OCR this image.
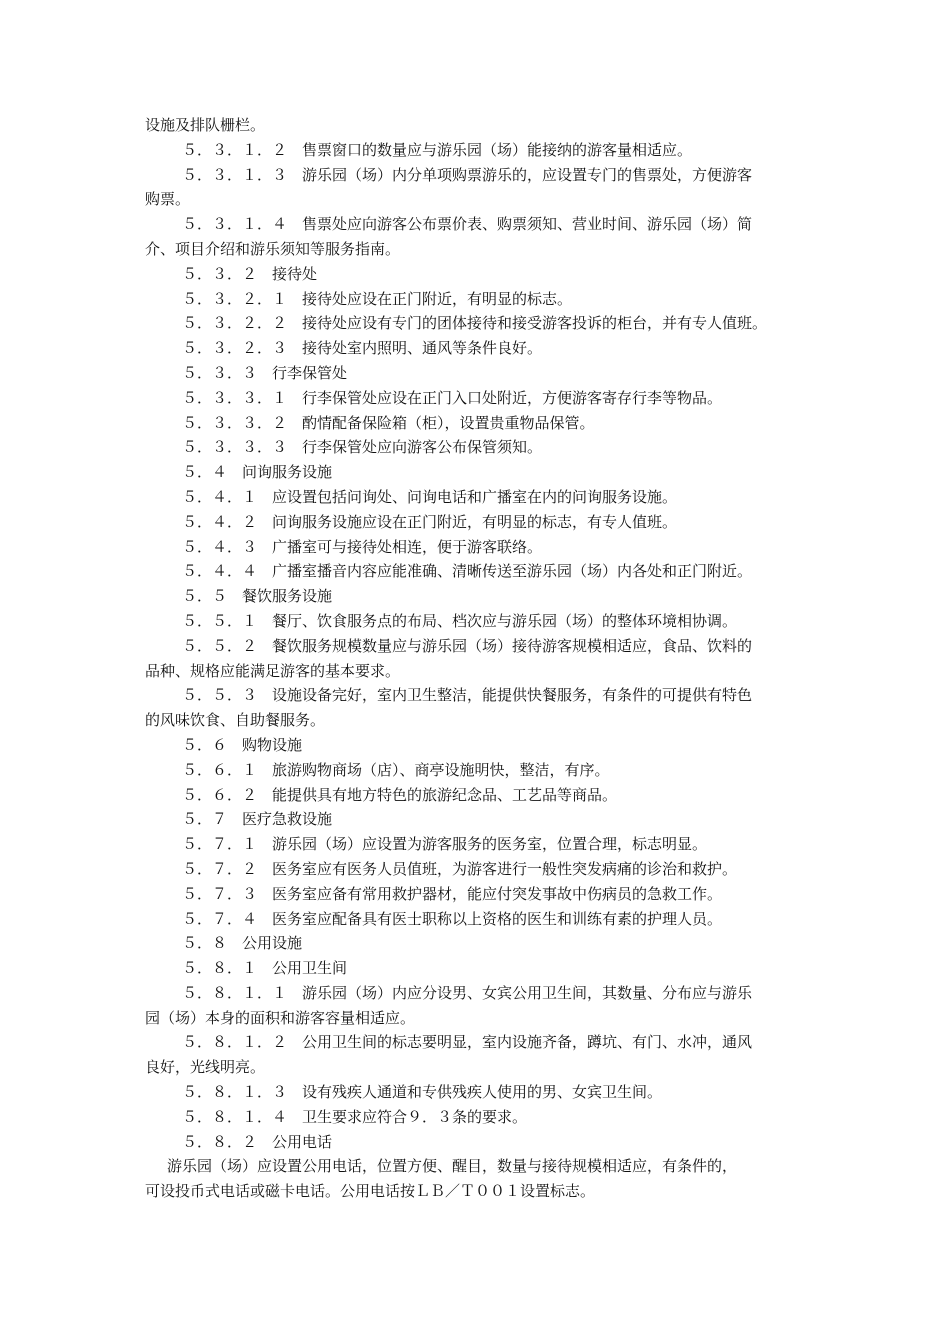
设施及排队栅栏。
５．３．１．２　售票窗口的数量应与游乐园（场）能接纳的游客量相适应。
５．３．１．３　游乐园（场）内分单项购票游乐的，应设置专门的售票处，方便游客
购票。
５．３．１．４　售票处应向游客公布票价表、购票须知、营业时间、游乐园（场）简
介、项目介绍和游乐须知等服务指南。
５．３．２　接待处
５．３．２．１　接待处应设在正门附近，有明显的标志。
５．３．２．２　接待处应设有专门的团体接待和接受游客投诉的柜台，并有专人值班。
５．３．２．３　接待处室内照明、通风等条件良好。
５．３．３　行李保管处
５．３．３．１　行李保管处应设在正门入口处附近，方便游客寄存行李等物品。
５．３．３．２　酌情配备保险箱（柜），设置贵重物品保管。
５．３．３．３　行李保管处应向游客公布保管须知。
５．４　问询服务设施
５．４．１　应设置包括问询处、问询电话和广播室在内的问询服务设施。
５．４．２　问询服务设施应设在正门附近，有明显的标志，有专人值班。
５．４．３　广播室可与接待处相连，便于游客联络。
５．４．４　广播室播音内容应能准确、清晰传送至游乐园（场）内各处和正门附近。
５．５　餐饮服务设施
５．５．１　餐厅、饮食服务点的布局、档次应与游乐园（场）的整体环境相协调。
５．５．２　餐饮服务规模数量应与游乐园（场）接待游客规模相适应，食品、饮料的
品种、规格应能满足游客的基本要求。
５．５．３　设施设备完好，室内卫生整洁，能提供快餐服务，有条件的可提供有特色
的风味饮食、自助餐服务。
５．６　购物设施
５．６．１　旅游购物商场（店）、商亭设施明快，整洁，有序。
５．６．２　能提供具有地方特色的旅游纪念品、工艺品等商品。
５．７　医疗急救设施
５．７．１　游乐园（场）应设置为游客服务的医务室，位置合理，标志明显。
５．７．２　医务室应有医务人员值班，为游客进行一般性突发病痛的诊治和救护。
５．７．３　医务室应备有常用救护器材，能应付突发事故中伤病员的急救工作。
５．７．４　医务室应配备具有医士职称以上资格的医生和训练有素的护理人员。
５．８　公用设施
５．８．１　公用卫生间
５．８．１．１　游乐园（场）内应分设男、女宾公用卫生间，其数量、分布应与游乐
园（场）本身的面积和游客容量相适应。
５．８．１．２　公用卫生间的标志要明显，室内设施齐备，蹲坑、有门、水冲，通风
良好，光线明亮。
５．８．１．３　设有残疾人通道和专供残疾人使用的男、女宾卫生间。
５．８．１．４　卫生要求应符合９．３条的要求。
５．８．２　公用电话
游乐园（场）应设置公用电话，位置方便、醒目，数量与接待规模相适应，有条件的，
可设投币式电话或磁卡电话。公用电话按ＬＢ／Ｔ００１设置标志。
